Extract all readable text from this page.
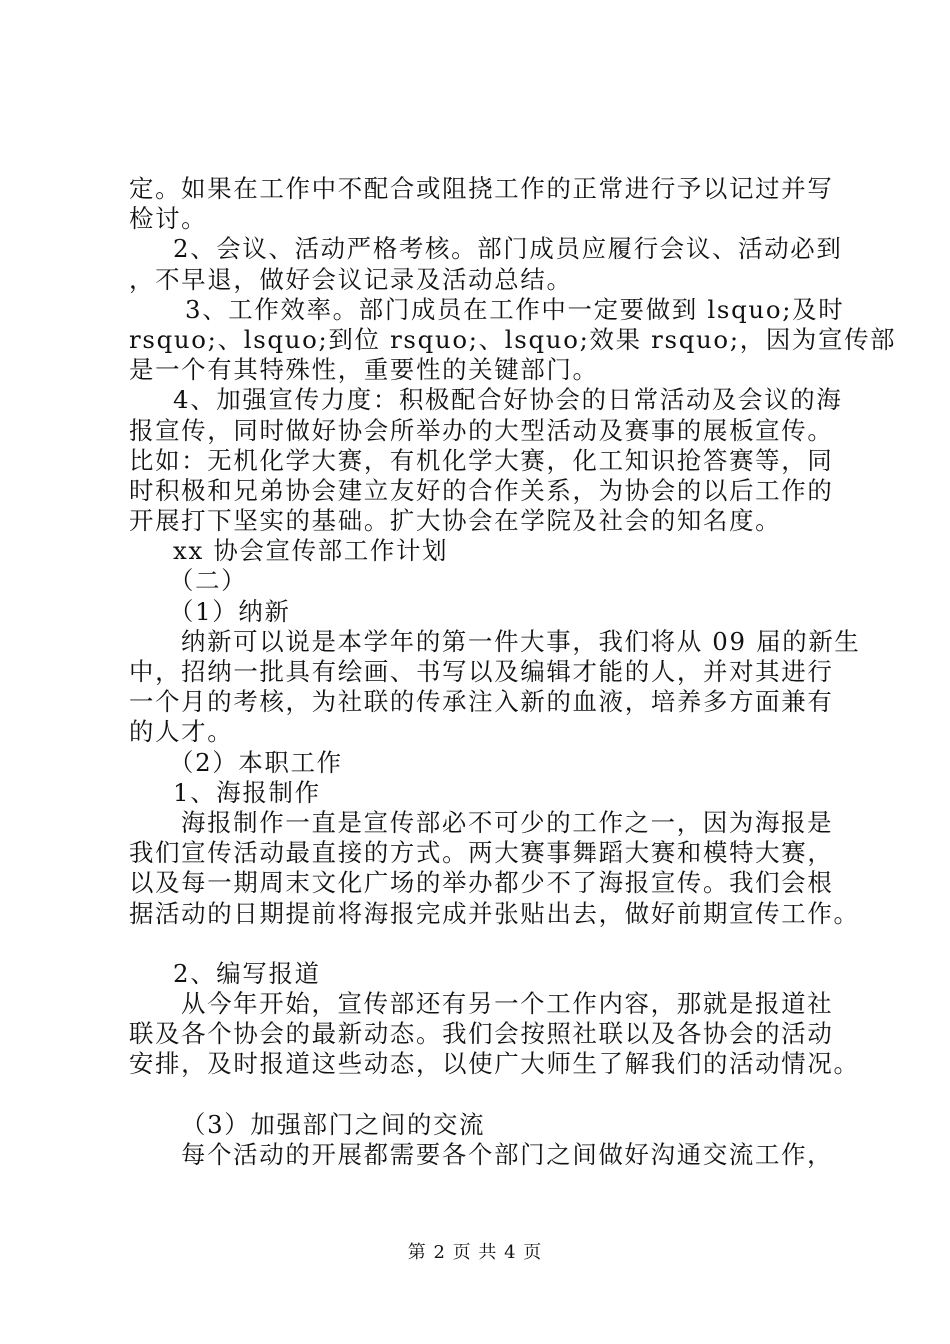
定。如果在工作中不配合或阻挠工作的正常进行予以记过并写
检讨。
2、会议、活动严格考核。部门成员应履行会议、活动必到
，不早退，做好会议记录及活动总结。
3、工作效率。部门成员在工作中一定要做到 lsquo;及时
rsquo;、lsquo;到位 rsquo;、lsquo;效果 rsquo;，因为宣传部
是一个有其特殊性，重要性的关键部门。
4、加强宣传力度：积极配合好协会的日常活动及会议的海
报宣传，同时做好协会所举办的大型活动及赛事的展板宣传。
比如：无机化学大赛，有机化学大赛，化工知识抢答赛等，同
时积极和兄弟协会建立友好的合作关系，为协会的以后工作的
开展打下坚实的基础。扩大协会在学院及社会的知名度。
xx 协会宣传部工作计划
（二）
（1）纳新
纳新可以说是本学年的第一件大事，我们将从 09 届的新生
中，招纳一批具有绘画、书写以及编辑才能的人，并对其进行
一个月的考核，为社联的传承注入新的血液，培养多方面兼有
的人才。
（2）本职工作
1、海报制作
海报制作一直是宣传部必不可少的工作之一，因为海报是
我们宣传活动最直接的方式。两大赛事舞蹈大赛和模特大赛，
以及每一期周末文化广场的举办都少不了海报宣传。我们会根
据活动的日期提前将海报完成并张贴出去，做好前期宣传工作。
2、编写报道
从今年开始，宣传部还有另一个工作内容，那就是报道社
联及各个协会的最新动态。我们会按照社联以及各协会的活动
安排，及时报道这些动态，以使广大师生了解我们的活动情况。
（3）加强部门之间的交流
每个活动的开展都需要各个部门之间做好沟通交流工作，
第 2 页 共 4 页
